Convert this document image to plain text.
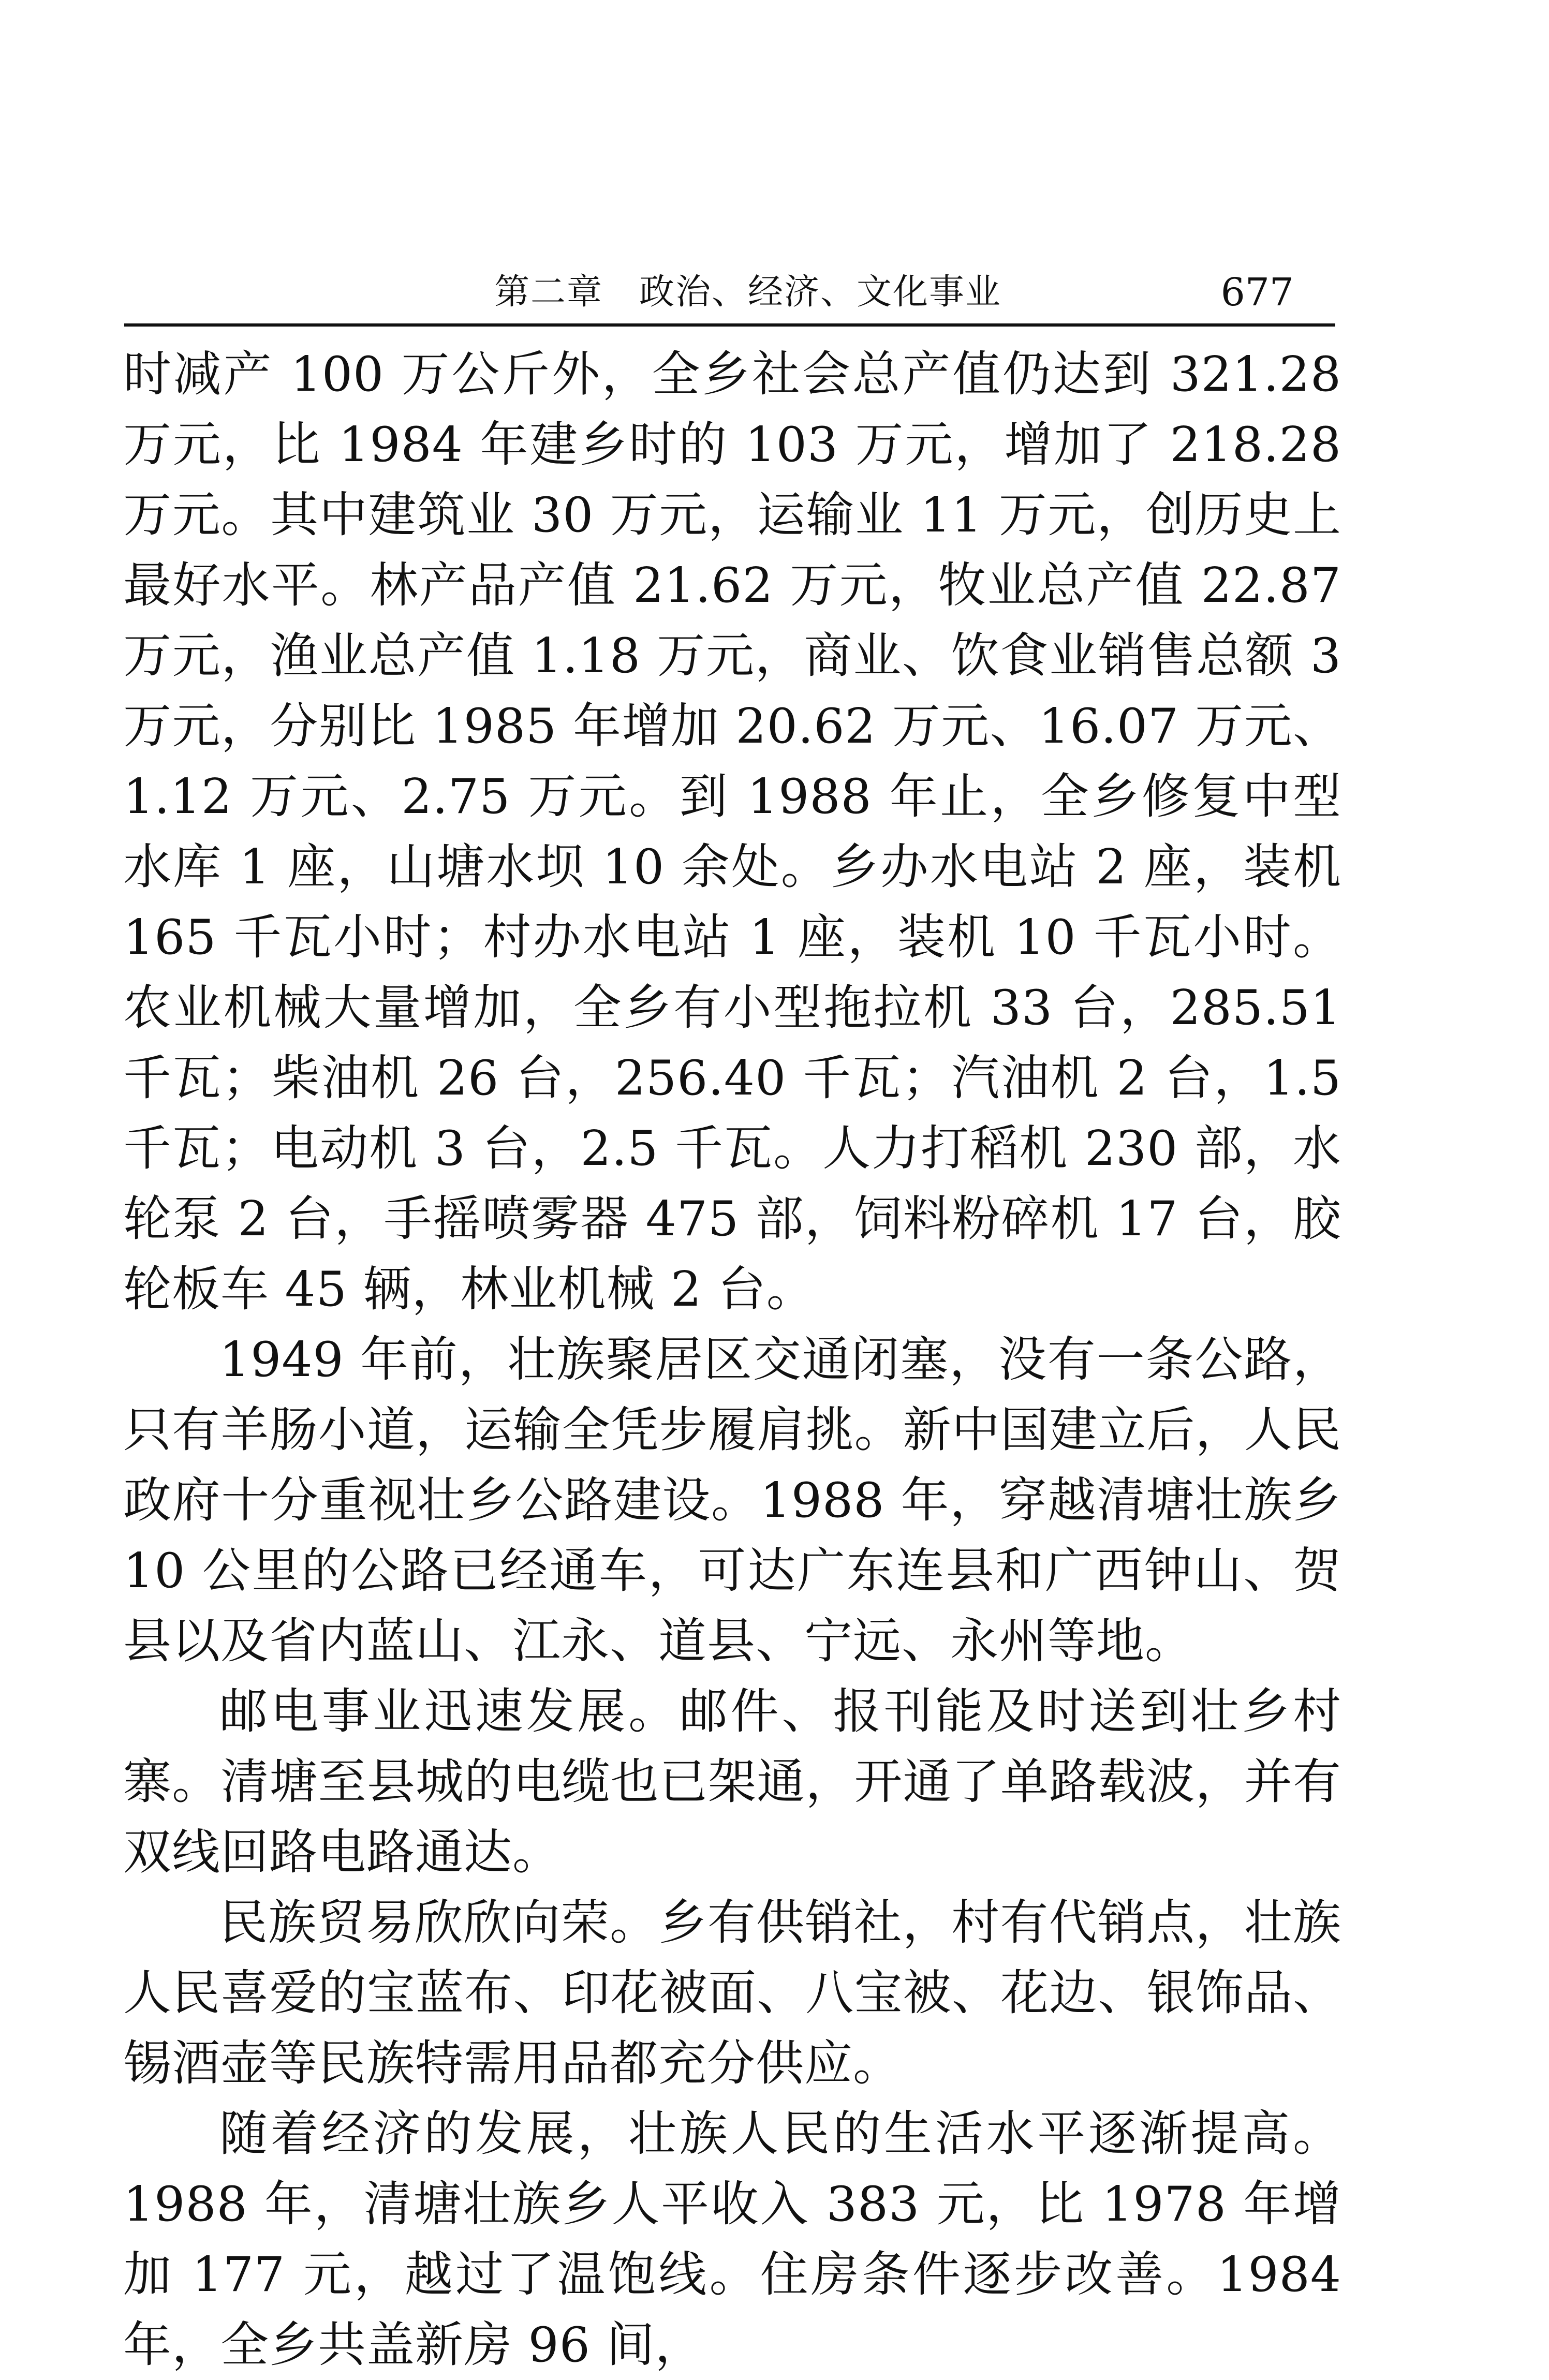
第二章　政治、经济、文化事业	677

时减产 100 万公斤外，全乡社会总产值仍达到 321.28 万元，比 1984 年建乡时的 103 万元，增加了 218.28 万元。其中建筑业 30 万元，运输业 11 万元，创历史上最好水平。林产品产值 21.62 万元，牧业总产值 22.87 万元，渔业总产值 1.18 万元，商业、饮食业销售总额 3 万元，分别比 1985 年增加 20.62 万元、16.07 万元、1.12 万元、2.75 万元。到 1988 年止，全乡修复中型水库 1 座，山塘水坝 10 余处。乡办水电站 2 座，装机 165 千瓦小时；村办水电站 1 座，装机 10 千瓦小时。农业机械大量增加，全乡有小型拖拉机 33 台，285.51 千瓦；柴油机 26 台，256.40 千瓦；汽油机 2 台，1.5 千瓦；电动机 3 台，2.5 千瓦。人力打稻机 230 部，水轮泵 2 台，手摇喷雾器 475 部，饲料粉碎机 17 台，胶轮板车 45 辆，林业机械 2 台。

1949 年前，壮族聚居区交通闭塞，没有一条公路，只有羊肠小道，运输全凭步履肩挑。新中国建立后，人民政府十分重视壮乡公路建设。1988 年，穿越清塘壮族乡 10 公里的公路已经通车，可达广东连县和广西钟山、贺县以及省内蓝山、江永、道县、宁远、永州等地。

邮电事业迅速发展。邮件、报刊能及时送到壮乡村寨。清塘至县城的电缆也已架通，开通了单路载波，并有双线回路电路通达。

民族贸易欣欣向荣。乡有供销社，村有代销点，壮族人民喜爱的宝蓝布、印花被面、八宝被、花边、银饰品、锡酒壶等民族特需用品都充分供应。

随着经济的发展，壮族人民的生活水平逐渐提高。1988 年，清塘壮族乡人平收入 383 元，比 1978 年增加 177 元，越过了温饱线。住房条件逐步改善。1984 年，全乡共盖新房 96 间，
